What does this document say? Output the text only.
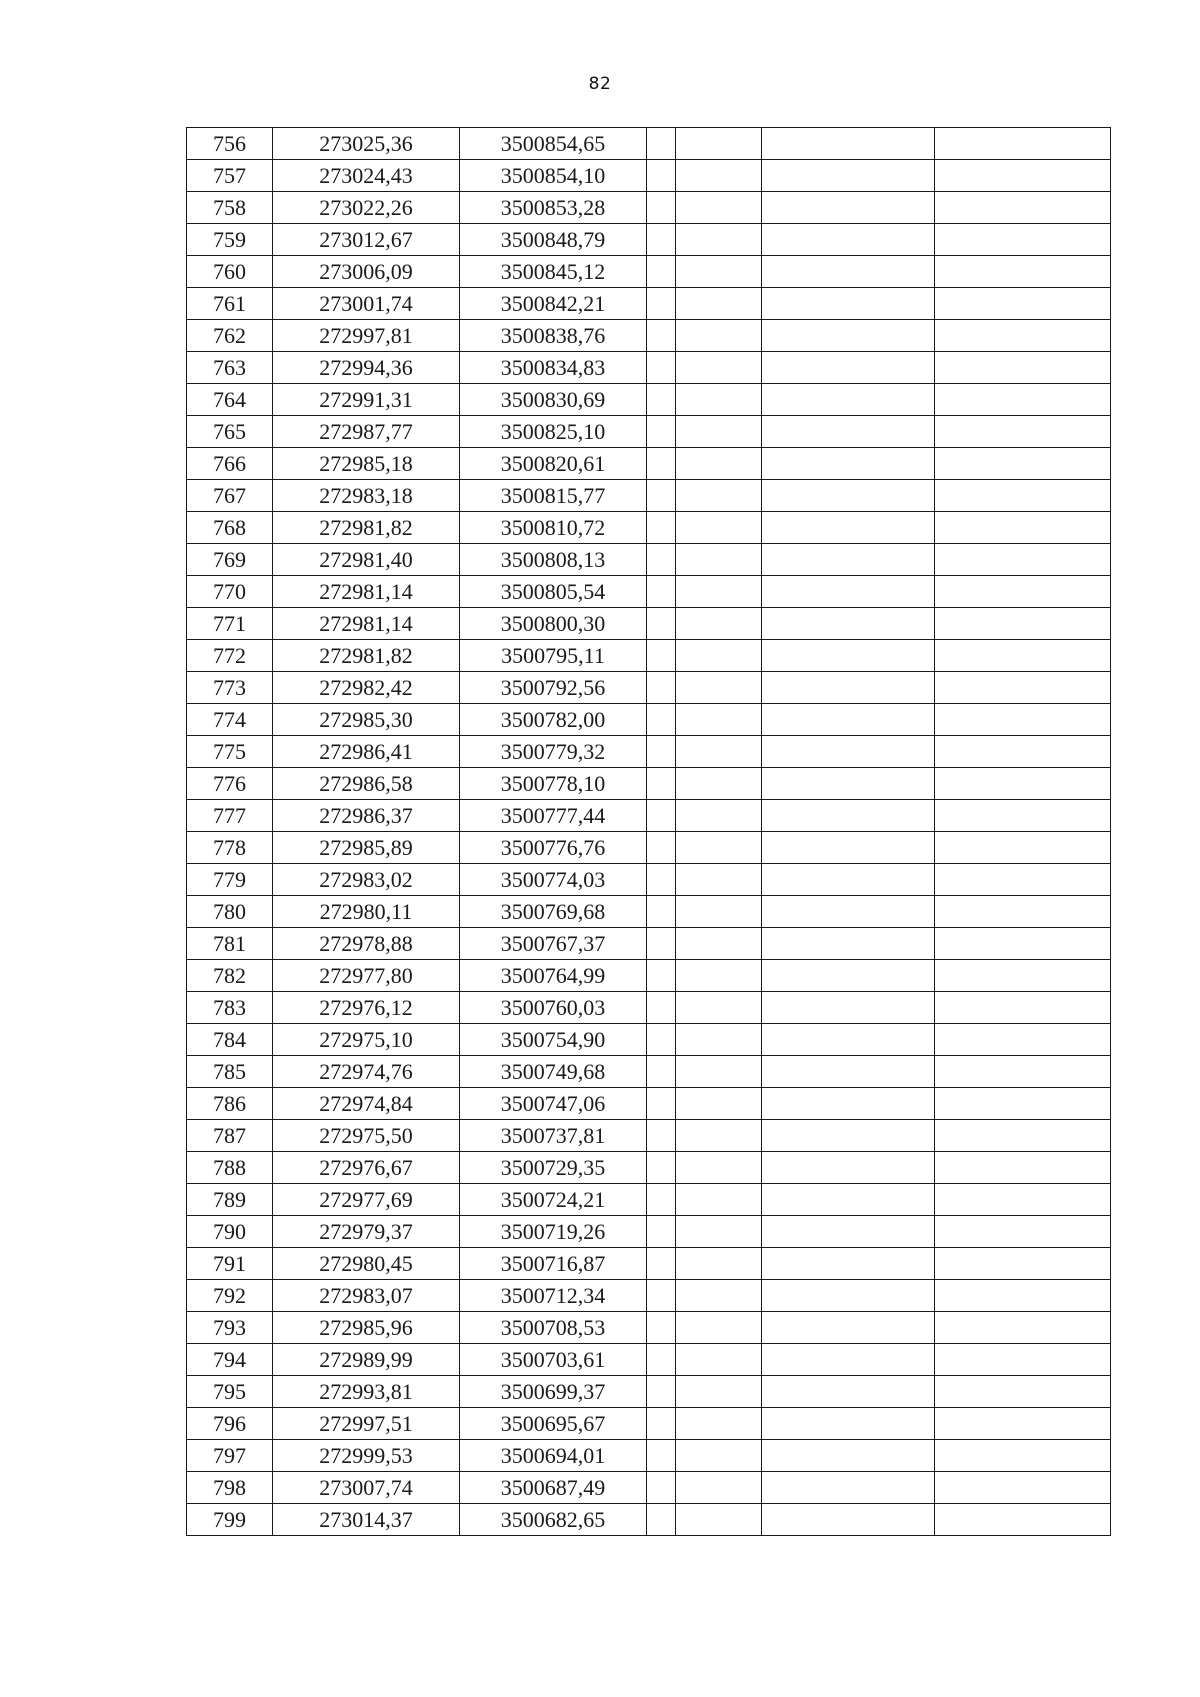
82
756	273025,36	3500854,65				
757	273024,43	3500854,10				
758	273022,26	3500853,28				
759	273012,67	3500848,79				
760	273006,09	3500845,12				
761	273001,74	3500842,21				
762	272997,81	3500838,76				
763	272994,36	3500834,83				
764	272991,31	3500830,69				
765	272987,77	3500825,10				
766	272985,18	3500820,61				
767	272983,18	3500815,77				
768	272981,82	3500810,72				
769	272981,40	3500808,13				
770	272981,14	3500805,54				
771	272981,14	3500800,30				
772	272981,82	3500795,11				
773	272982,42	3500792,56				
774	272985,30	3500782,00				
775	272986,41	3500779,32				
776	272986,58	3500778,10				
777	272986,37	3500777,44				
778	272985,89	3500776,76				
779	272983,02	3500774,03				
780	272980,11	3500769,68				
781	272978,88	3500767,37				
782	272977,80	3500764,99				
783	272976,12	3500760,03				
784	272975,10	3500754,90				
785	272974,76	3500749,68				
786	272974,84	3500747,06				
787	272975,50	3500737,81				
788	272976,67	3500729,35				
789	272977,69	3500724,21				
790	272979,37	3500719,26				
791	272980,45	3500716,87				
792	272983,07	3500712,34				
793	272985,96	3500708,53				
794	272989,99	3500703,61				
795	272993,81	3500699,37				
796	272997,51	3500695,67				
797	272999,53	3500694,01				
798	273007,74	3500687,49				
799	273014,37	3500682,65				
